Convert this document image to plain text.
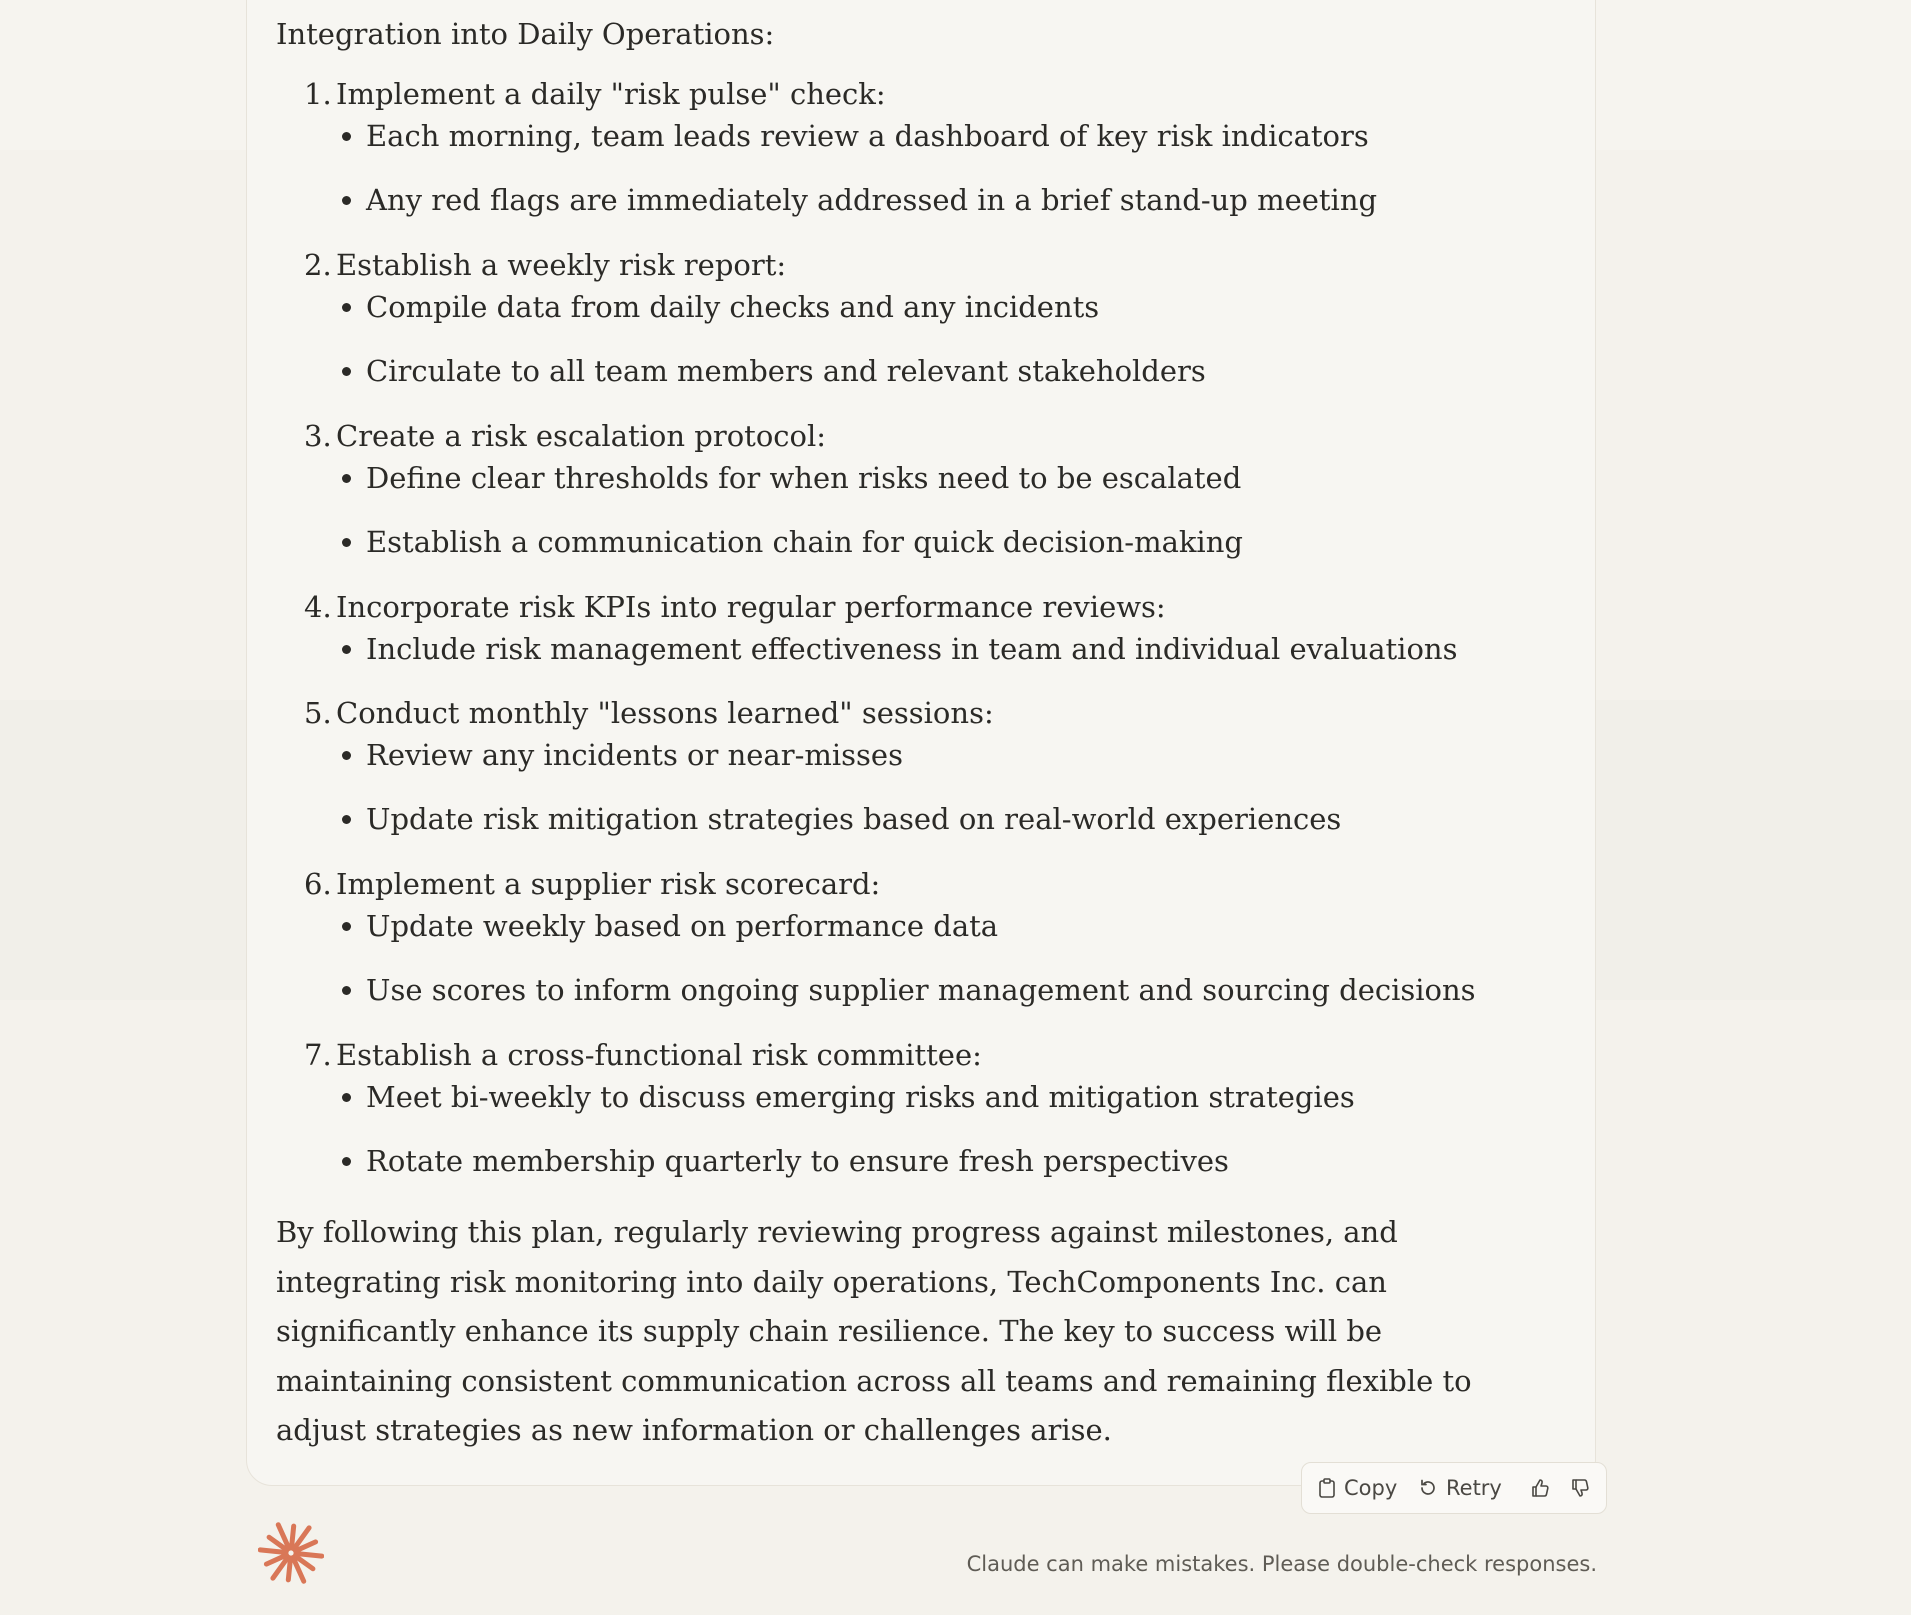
Integration into Daily Operations:
1. Implement a daily "risk pulse" check:
Each morning, team leads review a dashboard of key risk indicators
Any red flags are immediately addressed in a brief stand-up meeting
2. Establish a weekly risk report:
Compile data from daily checks and any incidents
Circulate to all team members and relevant stakeholders
3. Create a risk escalation protocol:
Define clear thresholds for when risks need to be escalated
Establish a communication chain for quick decision-making
4. Incorporate risk KPIs into regular performance reviews:
Include risk management effectiveness in team and individual evaluations
5. Conduct monthly "lessons learned" sessions:
Review any incidents or near-misses
Update risk mitigation strategies based on real-world experiences
6. Implement a supplier risk scorecard:
Update weekly based on performance data
Use scores to inform ongoing supplier management and sourcing decisions
7. Establish a cross-functional risk committee:
Meet bi-weekly to discuss emerging risks and mitigation strategies
Rotate membership quarterly to ensure fresh perspectives
By following this plan, regularly reviewing progress against milestones, and integrating risk monitoring into daily operations, TechComponents Inc. can significantly enhance its supply chain resilience. The key to success will be maintaining consistent communication across all teams and remaining flexible to adjust strategies as new information or challenges arise.
Copy Retry
Claude can make mistakes. Please double-check responses.
